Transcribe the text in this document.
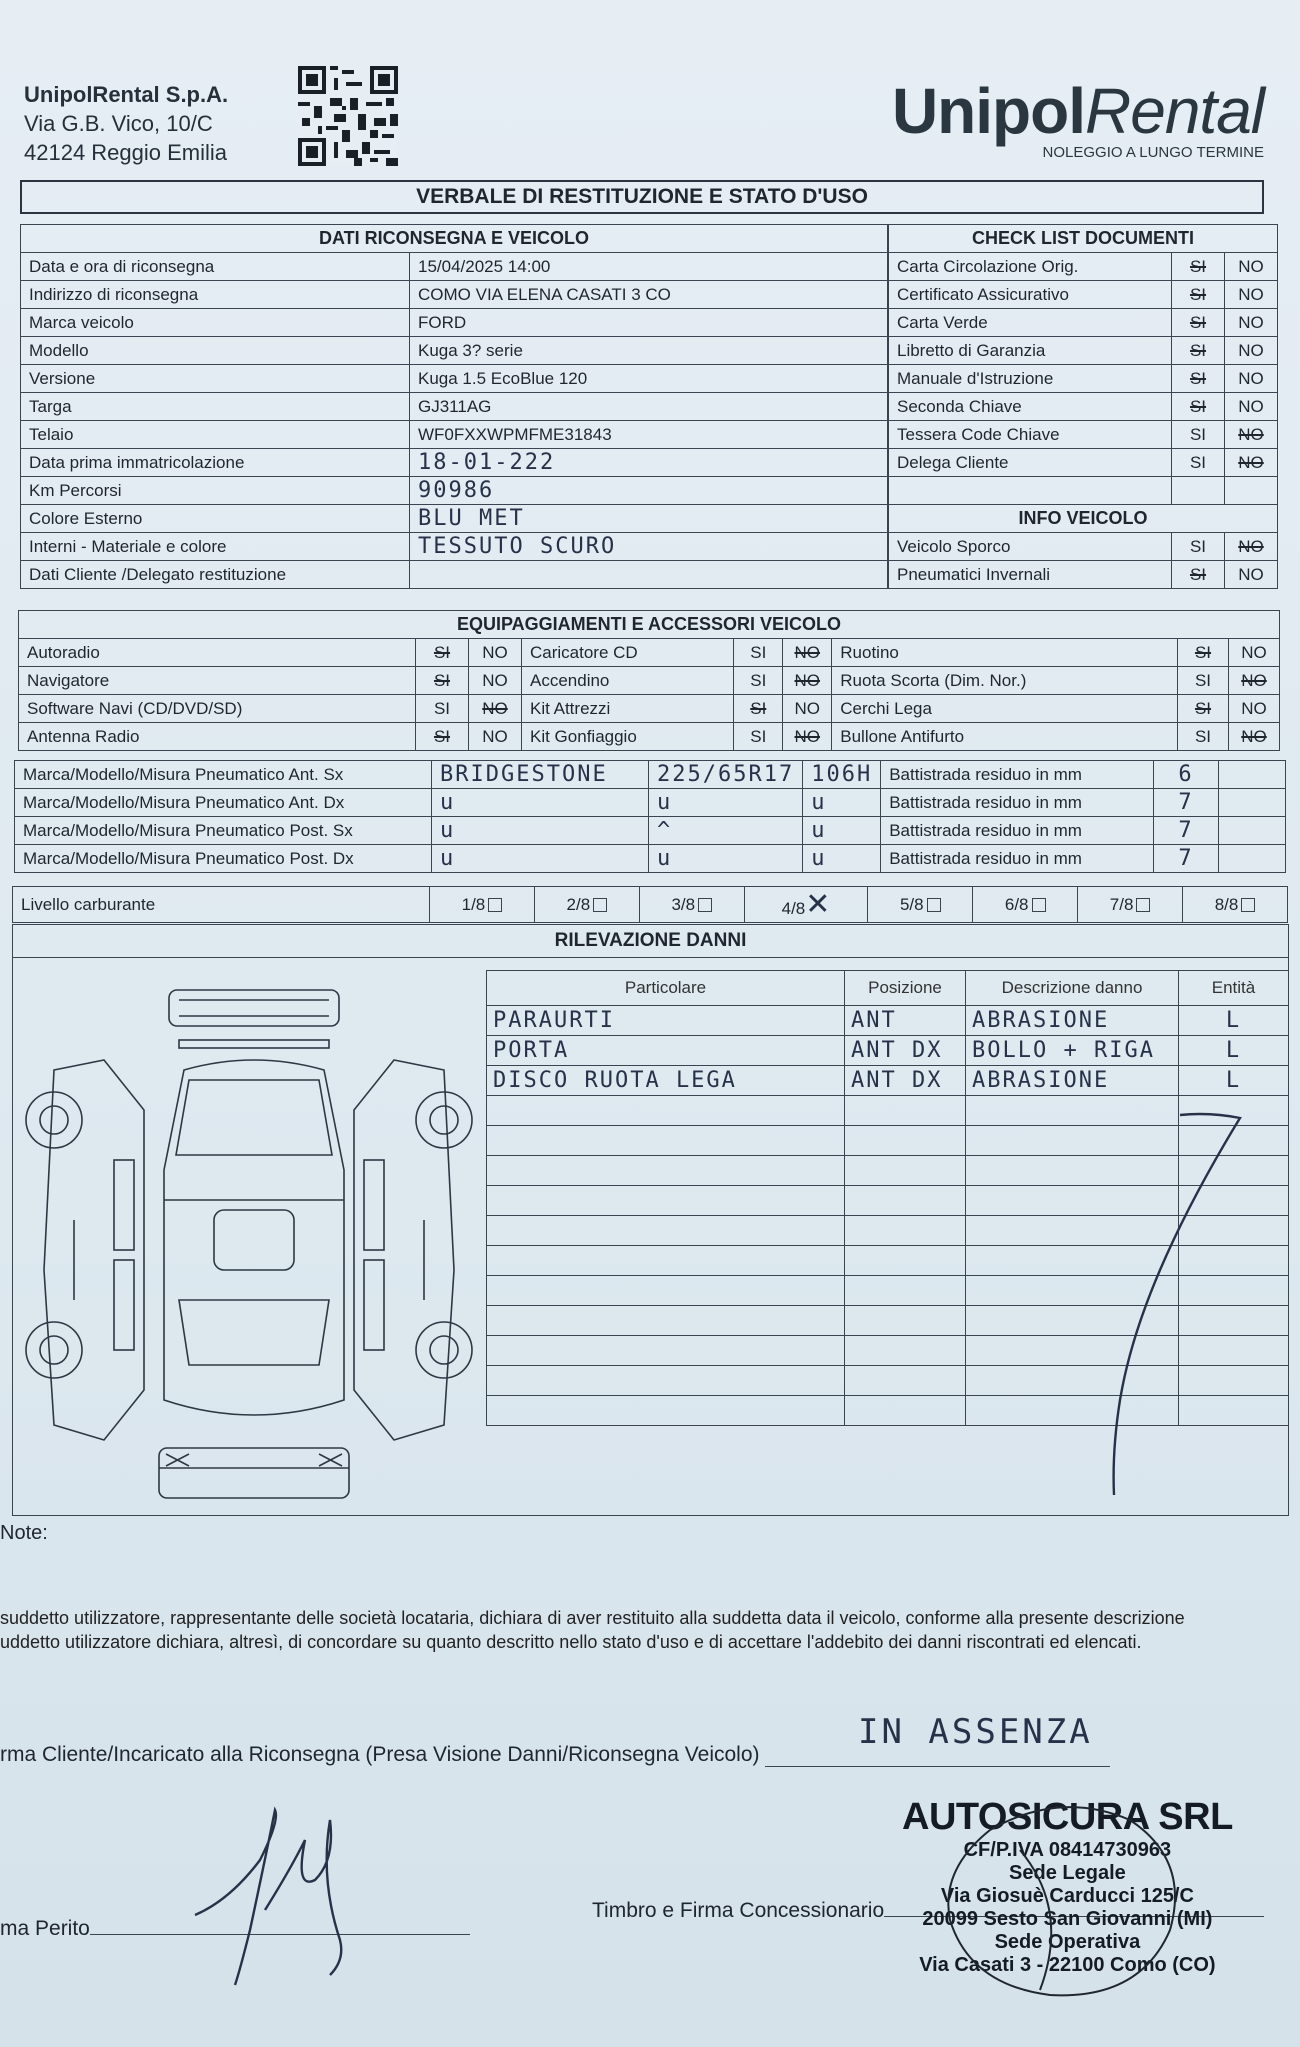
UnipolRental S.p.A.
Via G.B. Vico, 10/C
42124 Reggio Emilia
UnipolRental
NOLEGGIO A LUNGO TERMINE
VERBALE DI RESTITUZIONE E STATO D'USO
DATI RICONSEGNA E VEICOLO	
Data e ora di riconsegna	15/04/2025 14:00
Indirizzo di riconsegna	COMO VIA ELENA CASATI 3 CO
Marca veicolo	FORD
Modello	Kuga 3? serie
Versione	Kuga 1.5 EcoBlue 120
Targa	GJ311AG
Telaio	WF0FXXWPMFME31843
Data prima immatricolazione	18-01-222
Km Percorsi	90986
Colore Esterno	BLU MET
Interni - Materiale e colore	TESSUTO SCURO
Dati Cliente /Delegato restituzione	
CHECK LIST DOCUMENTI		
Carta Circolazione Orig.	SI	NO
Certificato Assicurativo	SI	NO
Carta Verde	SI	NO
Libretto di Garanzia	SI	NO
Manuale d'Istruzione	SI	NO
Seconda Chiave	SI	NO
Tessera Code Chiave	SI	NO
Delega Cliente	SI	NO

INFO VEICOLO		
Veicolo Sporco	SI	NO
Pneumatici Invernali	SI	NO
EQUIPAGGIAMENTI E ACCESSORI VEICOLO								
Autoradio	SI	NO	Caricatore CD	SI	NO	Ruotino	SI	NO
Navigatore	SI	NO	Accendino	SI	NO	Ruota Scorta (Dim. Nor.)	SI	NO
Software Navi (CD/DVD/SD)	SI	NO	Kit Attrezzi	SI	NO	Cerchi Lega	SI	NO
Antenna Radio	SI	NO	Kit Gonfiaggio	SI	NO	Bullone Antifurto	SI	NO
Marca/Modello/Misura Pneumatico Ant. Sx	BRIDGESTONE	225/65R17	106H	Battistrada residuo in mm	6	
Marca/Modello/Misura Pneumatico Ant. Dx	u	u	u	Battistrada residuo in mm	7	
Marca/Modello/Misura Pneumatico Post. Sx	u	^	u	Battistrada residuo in mm	7	
Marca/Modello/Misura Pneumatico Post. Dx	u	u	u	Battistrada residuo in mm	7	
Livello carburante	1/8	2/8	3/8	4/8✕	5/8	6/8	7/8	8/8
RILEVAZIONE DANNI
Particolare	Posizione	Descrizione danno	Entità
PARAURTI	ANT	ABRASIONE	L
PORTA	ANT DX	BOLLO + RIGA	L
DISCO RUOTA LEGA	ANT DX	ABRASIONE	L

Note:
suddetto utilizzatore, rappresentante delle società locataria, dichiara di aver restituito alla suddetta data il veicolo, conforme alla presente descrizione
uddetto utilizzatore dichiara, altresì, di concordare su quanto descritto nello stato d'uso e di accettare l'addebito dei danni riscontrati ed elencati.
rma Cliente/Incaricato alla Riconsegna (Presa Visione Danni/Riconsegna Veicolo)
IN ASSENZA
ma Perito
Timbro e Firma Concessionario
AUTOSICURA SRL
CF/P.IVA 08414730963
Sede Legale
Via Giosuè Carducci 125/C
20099 Sesto San Giovanni (MI)
Sede Operativa
Via Casati 3 - 22100 Como (CO)
